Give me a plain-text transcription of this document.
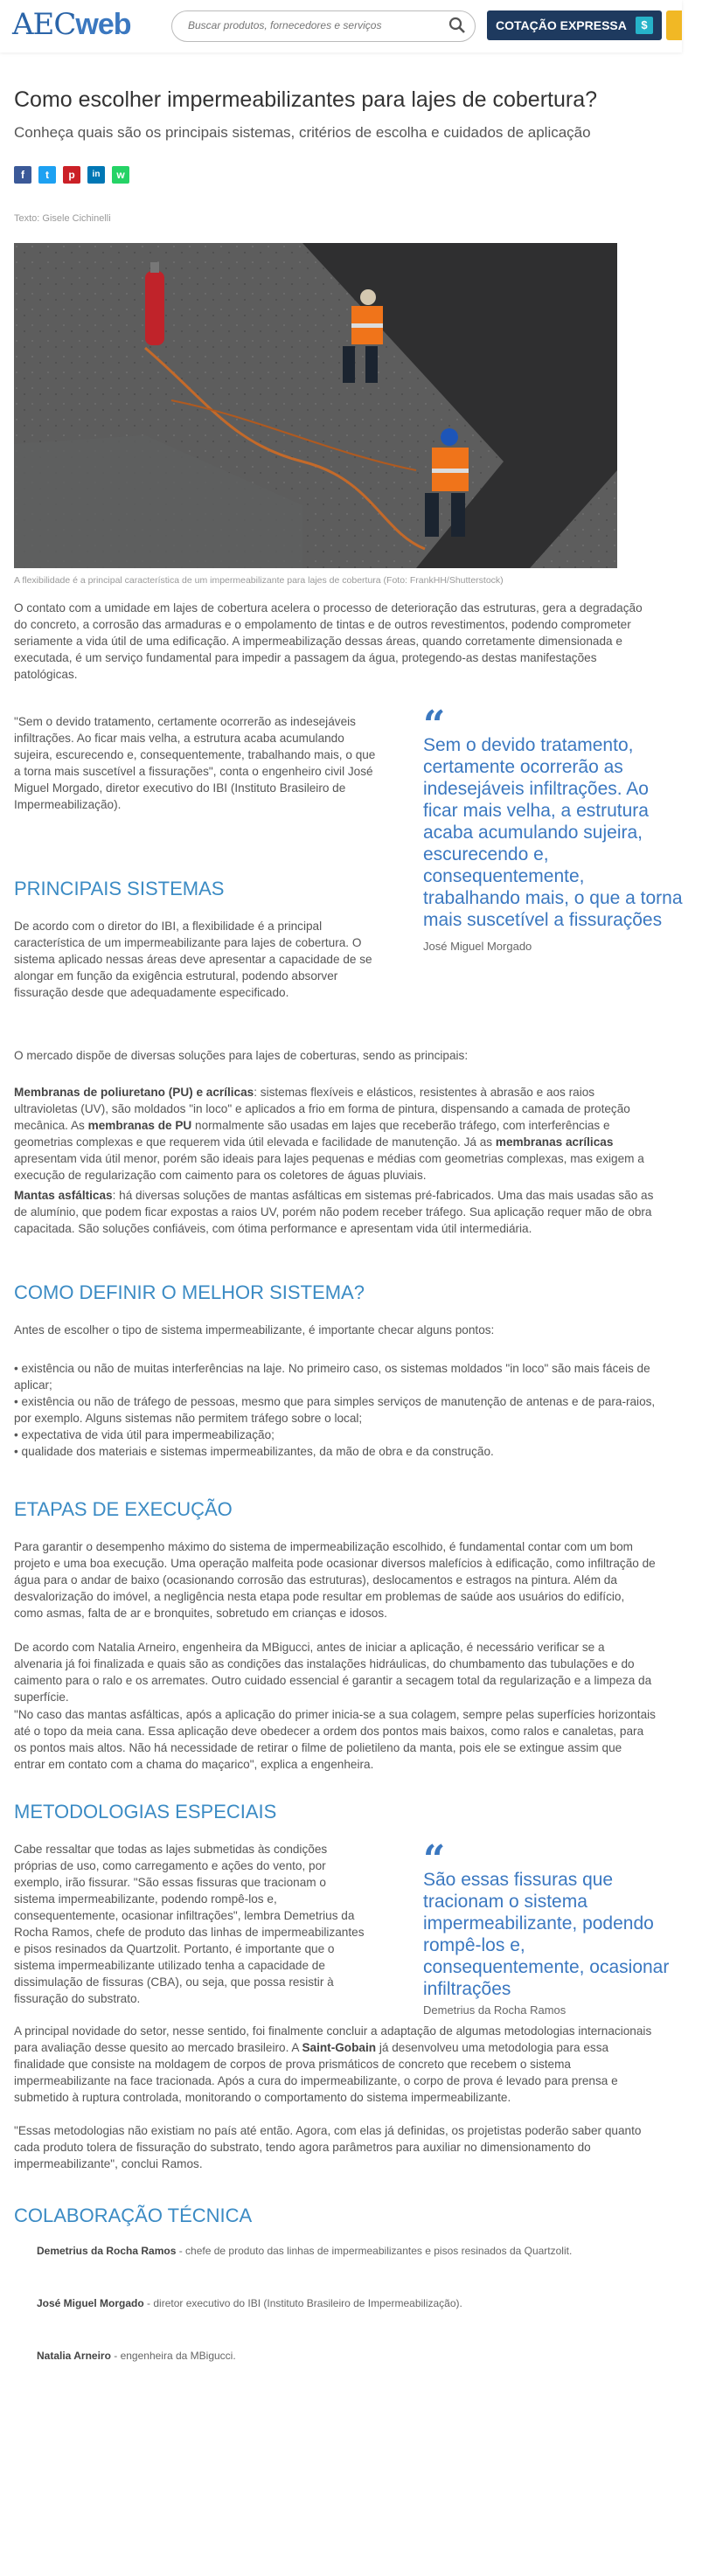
AECweb
Buscar produtos, fornecedores e serviços	COTAÇÃO EXPRESSA	$
Como escolher impermeabilizantes para lajes de cobertura?
Conheça quais são os principais sistemas, critérios de escolha e cuidados de aplicação
f	t	p	in	w
Texto: Gisele Cichinelli
A flexibilidade é a principal característica de um impermeabilizante para lajes de cobertura (Foto: FrankHH/Shutterstock)

O contato com a umidade em lajes de cobertura acelera o processo de deterioração das estruturas, gera a degradação do concreto, a corrosão das armaduras e o empolamento de tintas e de outros revestimentos, podendo comprometer seriamente a vida útil de uma edificação. A impermeabilização dessas áreas, quando corretamente dimensionada e executada, é um serviço fundamental para impedir a passagem da água, protegendo-as destas manifestações patológicas.

"Sem o devido tratamento, certamente ocorrerão as indesejáveis infiltrações. Ao ficar mais velha, a estrutura acaba acumulando sujeira, escurecendo e, consequentemente, trabalhando mais, o que a torna mais suscetível a fissurações", conta o engenheiro civil José Miguel Morgado, diretor executivo do IBI (Instituto Brasileiro de Impermeabilização).

“
Sem o devido tratamento, certamente ocorrerão as indesejáveis infiltrações. Ao ficar mais velha, a estrutura acaba acumulando sujeira, escurecendo e, consequentemente, trabalhando mais, o que a torna mais suscetível a fissurações
José Miguel Morgado
PRINCIPAIS SISTEMAS

De acordo com o diretor do IBI, a flexibilidade é a principal característica de um impermeabilizante para lajes de cobertura. O sistema aplicado nessas áreas deve apresentar a capacidade de se alongar em função da exigência estrutural, podendo absorver fissuração desde que adequadamente especificado.

O mercado dispõe de diversas soluções para lajes de coberturas, sendo as principais:

Membranas de poliuretano (PU) e acrílicas: sistemas flexíveis e elásticos, resistentes à abrasão e aos raios ultravioletas (UV), são moldados "in loco" e aplicados a frio em forma de pintura, dispensando a camada de proteção mecânica. As membranas de PU normalmente são usadas em lajes que receberão tráfego, com interferências e geometrias complexas e que requerem vida útil elevada e facilidade de manutenção. Já as membranas acrílicas apresentam vida útil menor, porém são ideais para lajes pequenas e médias com geometrias complexas, mas exigem a execução de regularização com caimento para os coletores de águas pluviais.

Mantas asfálticas: há diversas soluções de mantas asfálticas em sistemas pré-fabricados. Uma das mais usadas são as de alumínio, que podem ficar expostas a raios UV, porém não podem receber tráfego. Sua aplicação requer mão de obra capacitada. São soluções confiáveis, com ótima performance e apresentam vida útil intermediária.

COMO DEFINIR O MELHOR SISTEMA?

Antes de escolher o tipo de sistema impermeabilizante, é importante checar alguns pontos:

• existência ou não de muitas interferências na laje. No primeiro caso, os sistemas moldados "in loco" são mais fáceis de aplicar;

• existência ou não de tráfego de pessoas, mesmo que para simples serviços de manutenção de antenas e de para-raios, por exemplo. Alguns sistemas não permitem tráfego sobre o local;

• expectativa de vida útil para impermeabilização;

• qualidade dos materiais e sistemas impermeabilizantes, da mão de obra e da construção.

ETAPAS DE EXECUÇÃO

Para garantir o desempenho máximo do sistema de impermeabilização escolhido, é fundamental contar com um bom projeto e uma boa execução. Uma operação malfeita pode ocasionar diversos malefícios à edificação, como infiltração de água para o andar de baixo (ocasionando corrosão das estruturas), deslocamentos e estragos na pintura. Além da desvalorização do imóvel, a negligência nesta etapa pode resultar em problemas de saúde aos usuários do edifício, como asmas, falta de ar e bronquites, sobretudo em crianças e idosos.

De acordo com Natalia Arneiro, engenheira da MBigucci, antes de iniciar a aplicação, é necessário verificar se a alvenaria já foi finalizada e quais são as condições das instalações hidráulicas, do chumbamento das tubulações e do caimento para o ralo e os arremates. Outro cuidado essencial é garantir a secagem total da regularização e a limpeza da superfície.

"No caso das mantas asfálticas, após a aplicação do primer inicia-se a sua colagem, sempre pelas superfícies horizontais até o topo da meia cana. Essa aplicação deve obedecer a ordem dos pontos mais baixos, como ralos e canaletas, para os pontos mais altos. Não há necessidade de retirar o filme de polietileno da manta, pois ele se extingue assim que entrar em contato com a chama do maçarico", explica a engenheira.

METODOLOGIAS ESPECIAIS

Cabe ressaltar que todas as lajes submetidas às condições próprias de uso, como carregamento e ações do vento, por exemplo, irão fissurar. "São essas fissuras que tracionam o sistema impermeabilizante, podendo rompê-los e, consequentemente, ocasionar infiltrações", lembra Demetrius da Rocha Ramos, chefe de produto das linhas de impermeabilizantes e pisos resinados da Quartzolit. Portanto, é importante que o sistema impermeabilizante utilizado tenha a capacidade de dissimulação de fissuras (CBA), ou seja, que possa resistir à fissuração do substrato.

“
São essas fissuras que tracionam o sistema impermeabilizante, podendo rompê-los e, consequentemente, ocasionar infiltrações
Demetrius da Rocha Ramos

A principal novidade do setor, nesse sentido, foi finalmente concluir a adaptação de algumas metodologias internacionais para avaliação desse quesito ao mercado brasileiro. A Saint-Gobain já desenvolveu uma metodologia para essa finalidade que consiste na moldagem de corpos de prova prismáticos de concreto que recebem o sistema impermeabilizante na face tracionada. Após a cura do impermeabilizante, o corpo de prova é levado para prensa e submetido à ruptura controlada, monitorando o comportamento do sistema impermeabilizante.

"Essas metodologias não existiam no país até então. Agora, com elas já definidas, os projetistas poderão saber quanto cada produto tolera de fissuração do substrato, tendo agora parâmetros para auxiliar no dimensionamento do impermeabilizante", conclui Ramos.

COLABORAÇÃO TÉCNICA
Demetrius da Rocha Ramos - chefe de produto das linhas de impermeabilizantes e pisos resinados da Quartzolit.
José Miguel Morgado - diretor executivo do IBI (Instituto Brasileiro de Impermeabilização).
Natalia Arneiro - engenheira da MBigucci.
